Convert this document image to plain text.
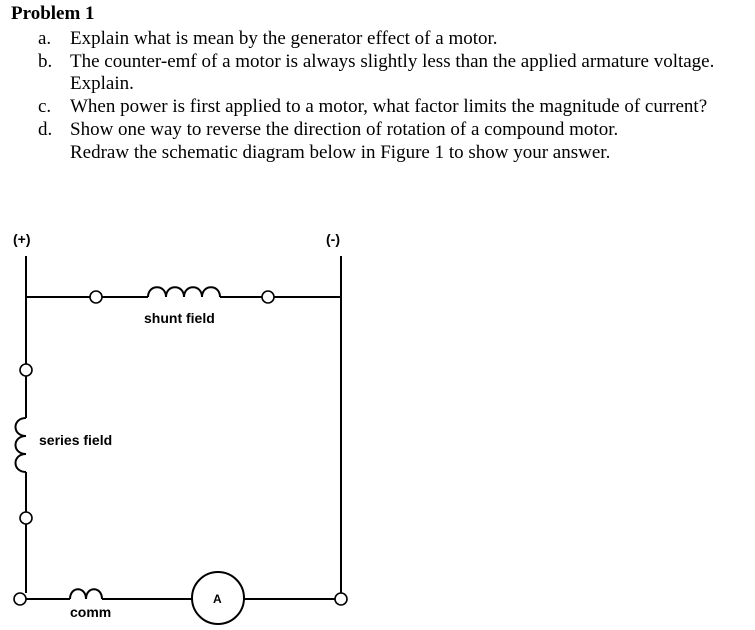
Problem 1
a. Explain what is mean by the generator effect of a motor.
b. The counter-emf of a motor is always slightly less than the applied armature voltage.
Explain.
c. When power is first applied to a motor, what factor limits the magnitude of current?
d. Show one way to reverse the direction of rotation of a compound motor.
Redraw the schematic diagram below in Figure 1 to show your answer.
(+)	(-)
shunt field
series field
A
comm
